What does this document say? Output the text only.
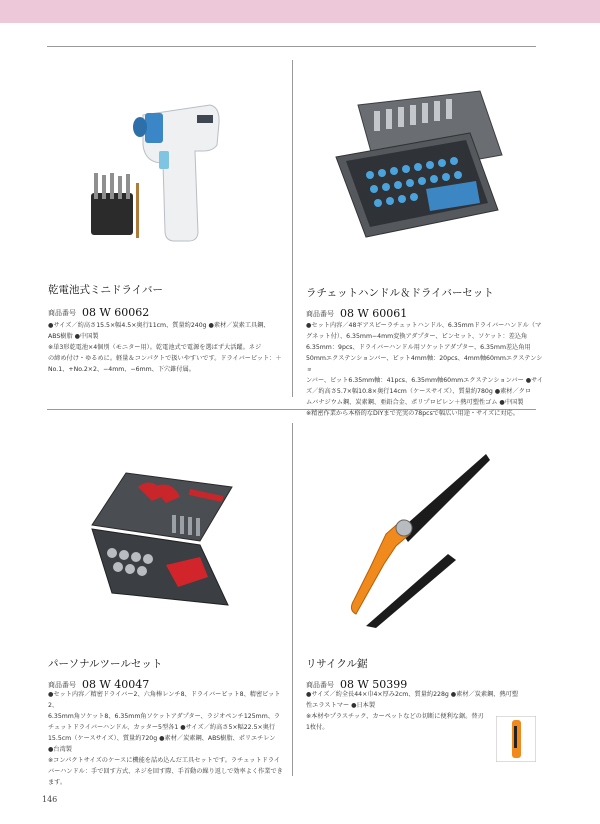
乾電池式ミニドライバー
商品番号 08 W 60062

●サイズ／約高さ15.5×幅4.5×奥行11cm、質量約240g ●素材／炭素工具鋼、

ABS樹脂 ●中国製

※単3形乾電池×4個別（モニター用）。乾電池式で電源を選ばず大活躍。ネジ

の締め付け・ゆるめに。軽量＆コンパクトで扱いやすいです。ドライバービット：＋

No.1、+No.2×2、−4mm、−6mm、下穴錐付属。

ラチェットハンドル＆ドライバーセット
商品番号 08 W 60061

●セット内容／48ギアスピーラチェットハンドル、6.35mmドライバーハンドル（マ

グネット付）、6.35mm−4mm変換アダプター、ピンセット、ソケット：差込角

6.35mm：9pcs、ドライバーハンドル用ソケットアダプター、6.35mm差込角用

50mmエクステンションバー、ビット4mm軸：20pcs、4mm軸60mmエクステンショ

ンバー、ビット6.35mm軸：41pcs、6.35mm軸60mmエクステンションバー ●サイ

ズ／約高さ5.7×幅10.8×奥行14cm（ケースサイズ）、質量約780g ●素材／クロ

ムバナジウム鋼、炭素鋼、亜鉛合金、ポリプロピレン＋熱可塑性ゴム ●中国製

※精密作業から本格的なDIYまで充実の78pcsで幅広い用途・サイズに対応。

パーソナルツールセット
商品番号 08 W 40047

●セット内容／精密ドライバー2、六角棒レンチ8、ドライバービット8、精密ビット2、

6.35mm角ソケット8、6.35mm角ソケットアダプター、ラジオペンチ125mm、ラ

チェットドライバーハンドル、カッター5型各1 ●サイズ／約高さ5×幅22.5×奥行

15.5cm（ケースサイズ）、質量約720g ●素材／炭素鋼、ABS樹脂、ポリエチレン

●台湾製

※コンパクトサイズのケースに機能を詰め込んだ工具セットです。ラチェットドライ

バーハンドル：手で回す方式、ネジを回す際、手首動の繰り返しで効率よく作業できます。

リサイクル鋸
商品番号 08 W 50399

●サイズ／約全長44×巾4×厚み2cm、質量約228g ●素材／炭素鋼、熱可塑

性エラストマー ●日本製

※本材やプラスチック、カーペットなどの切断に便利な鋸。替刃

1枚付。

146
